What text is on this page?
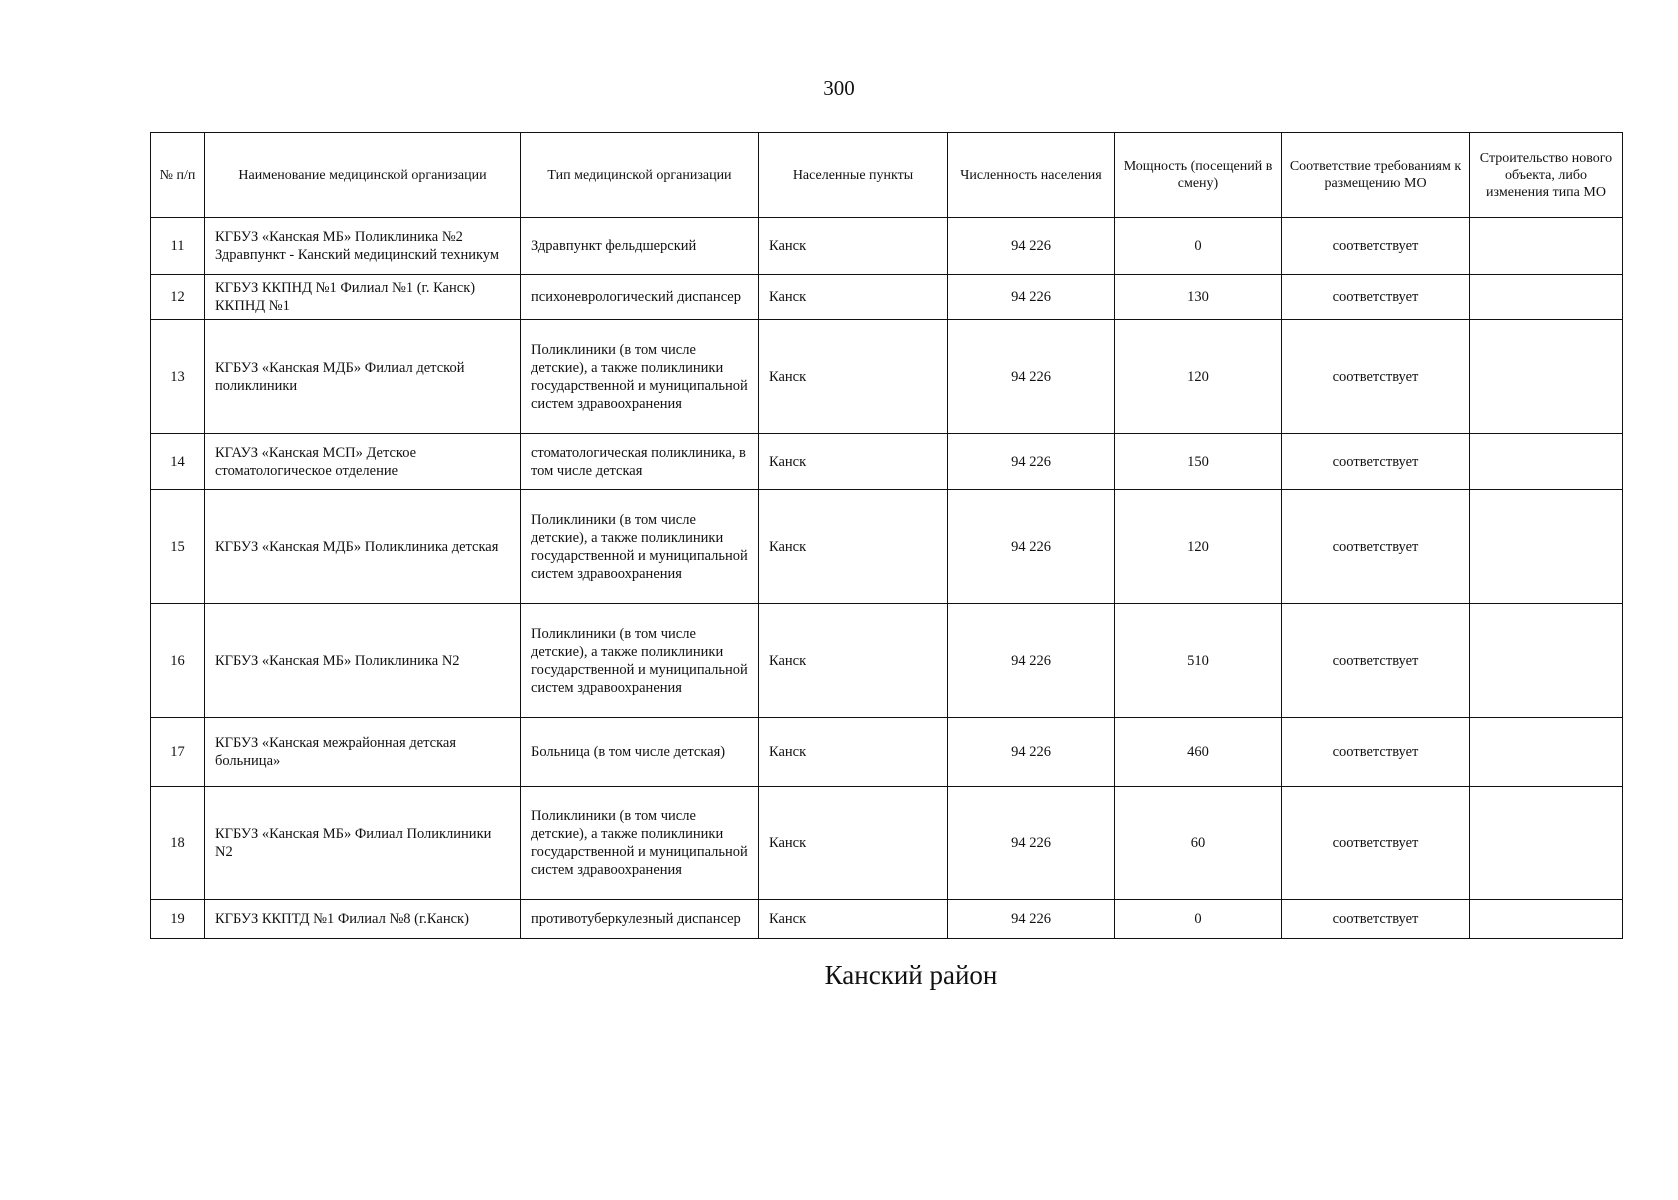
300
№ п/п	Наименование медицинской организации	Тип медицинской организации	Населенные пункты	Численность населения	Мощность (посещений в смену)	Соответствие требованиям к размещению МО	Строительство нового объекта, либо изменения типа МО
11	КГБУЗ «Канская МБ» Поликлиника №2 Здравпункт - Канский медицинский техникум	Здравпункт фельдшерский	Канск	94 226	0	соответствует	
12	КГБУЗ ККПНД №1 Филиал №1 (г. Канск) ККПНД №1	психоневрологический диспансер	Канск	94 226	130	соответствует	
13	КГБУЗ «Канская МДБ» Филиал детской поликлиники	Поликлиники (в том числе детские), а также поликлиники государственной и муниципальной систем здравоохранения	Канск	94 226	120	соответствует	
14	КГАУЗ «Канская МСП» Детское стоматологическое отделение	стоматологическая поликлиника, в том числе детская	Канск	94 226	150	соответствует	
15	КГБУЗ «Канская МДБ» Поликлиника детская	Поликлиники (в том числе детские), а также поликлиники государственной и муниципальной систем здравоохранения	Канск	94 226	120	соответствует	
16	КГБУЗ «Канская МБ» Поликлиника N2	Поликлиники (в том числе детские), а также поликлиники государственной и муниципальной систем здравоохранения	Канск	94 226	510	соответствует	
17	КГБУЗ «Канская межрайонная детская больница»	Больница (в том числе детская)	Канск	94 226	460	соответствует	
18	КГБУЗ «Канская МБ» Филиал Поликлиники N2	Поликлиники (в том числе детские), а также поликлиники государственной и муниципальной систем здравоохранения	Канск	94 226	60	соответствует	
19	КГБУЗ ККПТД №1 Филиал №8 (г.Канск)	противотуберкулезный диспансер	Канск	94 226	0	соответствует	
Канский район
